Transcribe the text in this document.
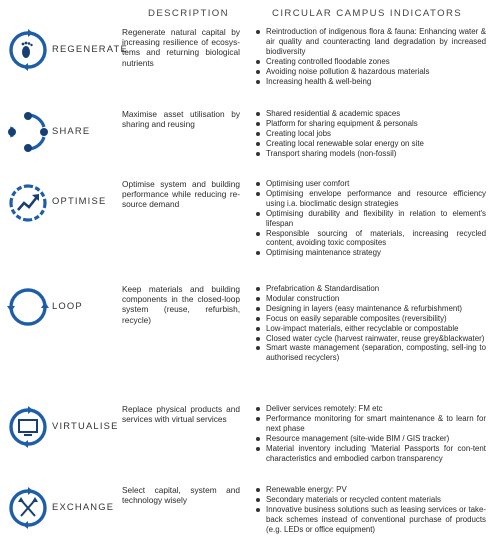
DESCRIPTION	CIRCULAR CAMPUS INDICATORS
REGENERATE
Regenerate natural capital by increasing resilience of ecosys-tems and returning biological nutrients
Reintroduction of indigenous flora & fauna: Enhancing water & air quality and counteracting land degradation by increased biodiversity
Creating controlled floodable zones
Avoiding noise pollution & hazardous materials
Increasing health & well-being
SHARE
Maximise asset utilisation by sharing and reusing
Shared residential & academic spaces
Platform for sharing equipment & personals
Creating local jobs
Creating local renewable solar energy on site
Transport sharing models (non-fossil)
OPTIMISE
Optimise system and building performance while reducing re-source demand
Optimising user comfort
Optimising envelope performance and resource efficiency using i.a. bioclimatic design strategies
Optimising durability and flexibility in relation to element's lifespan
Responsible sourcing of materials, increasing recycled content, avoiding toxic composites
Optimising maintenance strategy
LOOP
Keep materials and building components in the closed-loop system (reuse, refurbish, recycle)
Prefabrication & Standardisation
Modular construction
Designing in layers (easy maintenance & refurbishment)
Focus on easily separable composites (reversibility)
Low-impact materials, either recyclable or compostable
Closed water cycle (harvest rainwater, reuse grey&blackwater)
Smart waste management (separation, composting, sell-ing to authorised recyclers)
VIRTUALISE
Replace physical products and services with virtual services
Deliver services remotely: FM etc
Performance monitoring for smart maintenance & to learn for next phase
Resource management (site-wide BIM / GIS tracker)
Material inventory including 'Material Passports for con-tent characteristics and embodied carbon transparency
EXCHANGE
Select capital, system and technology wisely
Renewable energy: PV
Secondary materials or recycled content materials
Innovative business solutions such as leasing services or take-back schemes instead of conventional purchase of products (e.g. LEDs or office equipment)
